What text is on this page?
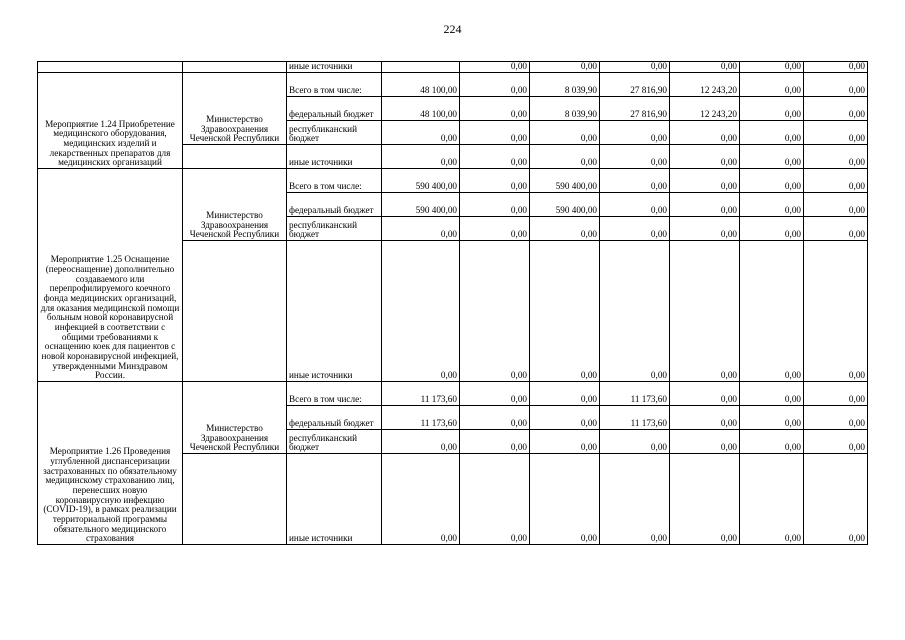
224
		иные источники		0,00	0,00	0,00	0,00	0,00	0,00
Мероприятие 1.24 Приобретение медицинского оборудования, медицинских изделий и лекарственных препаратов для медицинских организаций	Министерство Здравоохранения Чеченской Республики	Всего в том числе:	48 100,00	0,00	8 039,90	27 816,90	12 243,20	0,00	0,00
		федеральный бюджет	48 100,00	0,00	8 039,90	27 816,90	12 243,20	0,00	0,00
		республиканский бюджет	0,00	0,00	0,00	0,00	0,00	0,00	0,00
		иные источники	0,00	0,00	0,00	0,00	0,00	0,00	0,00
Мероприятие 1.25 Оснащение (переоснащение) дополнительно создаваемого или перепрофилируемого коечного фонда медицинских организаций, для оказания медицинской помощи больным новой коронавирусной инфекцией в соответствии с общими требованиями к оснащению коек для пациентов с новой коронавирусной инфекцией, утвержденными Минздравом России.	Министерство Здравоохранения Чеченской Республики	Всего в том числе:	590 400,00	0,00	590 400,00	0,00	0,00	0,00	0,00
		федеральный бюджет	590 400,00	0,00	590 400,00	0,00	0,00	0,00	0,00
		республиканский бюджет	0,00	0,00	0,00	0,00	0,00	0,00	0,00
		иные источники	0,00	0,00	0,00	0,00	0,00	0,00	0,00
Мероприятие 1.26 Проведения углубленной диспансеризации застрахованных по обязательному медицинскому страхованию лиц, перенесших новую коронавирусную инфекцию (COVID-19), в рамках реализации территориальной программы обязательного медицинского страхования	Министерство Здравоохранения Чеченской Республики	Всего в том числе:	11 173,60	0,00	0,00	11 173,60	0,00	0,00	0,00
		федеральный бюджет	11 173,60	0,00	0,00	11 173,60	0,00	0,00	0,00
		республиканский бюджет	0,00	0,00	0,00	0,00	0,00	0,00	0,00
		иные источники	0,00	0,00	0,00	0,00	0,00	0,00	0,00
